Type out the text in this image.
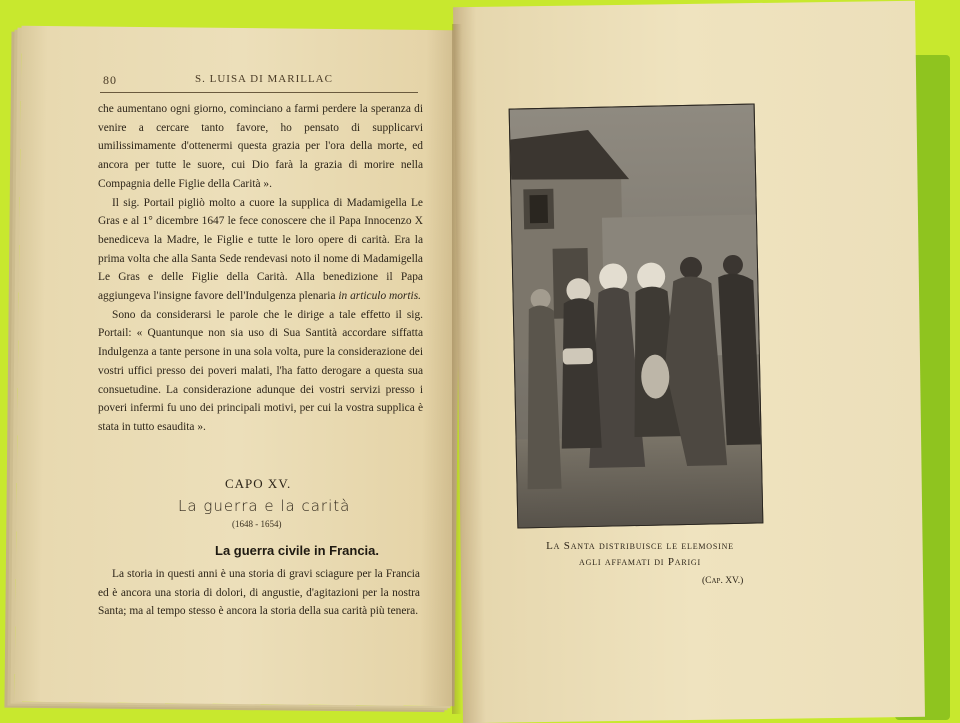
80	S. LUISA DI MARILLAC

che aumentano ogni giorno, cominciano a farmi perdere la speranza di venire a cercare tanto favore, ho pensato di supplicarvi umilissimamente d'ottenermi questa grazia per l'ora della morte, ed ancora per tutte le suore, cui Dio farà la grazia di morire nella Compagnia delle Figlie della Carità ».

Il sig. Portail pigliò molto a cuore la supplica di Madamigella Le Gras e al 1° dicembre 1647 le fece conoscere che il Papa Innocenzo X benediceva la Madre, le Figlie e tutte le loro opere di carità. Era la prima volta che alla Santa Sede rendevasi noto il nome di Madamigella Le Gras e delle Figlie della Carità. Alla benedizione il Papa aggiungeva l'insigne favore dell'Indulgenza plenaria in articulo mortis.

Sono da considerarsi le parole che le dirige a tale effetto il sig. Portail: « Quantunque non sia uso di Sua Santità accordare siffatta Indulgenza a tante persone in una sola volta, pure la considerazione dei vostri uffici presso dei poveri malati, l'ha fatto derogare a questa sua consuetudine. La considerazione adunque dei vostri servizi presso i poveri infermi fu uno dei principali motivi, per cui la vostra supplica è stata in tutto esaudita ».

CAPO XV.
La guerra e la carità
(1648 - 1654)
La guerra civile in Francia.

La storia in questi anni è una storia di gravi sciagure per la Francia ed è ancora una storia di dolori, di angustie, d'agitazioni per la nostra Santa; ma al tempo stesso è ancora la storia della sua carità più tenera.

La Santa distribuisce le elemosine
agli affamati di Parigi
(Cap. XV.)
